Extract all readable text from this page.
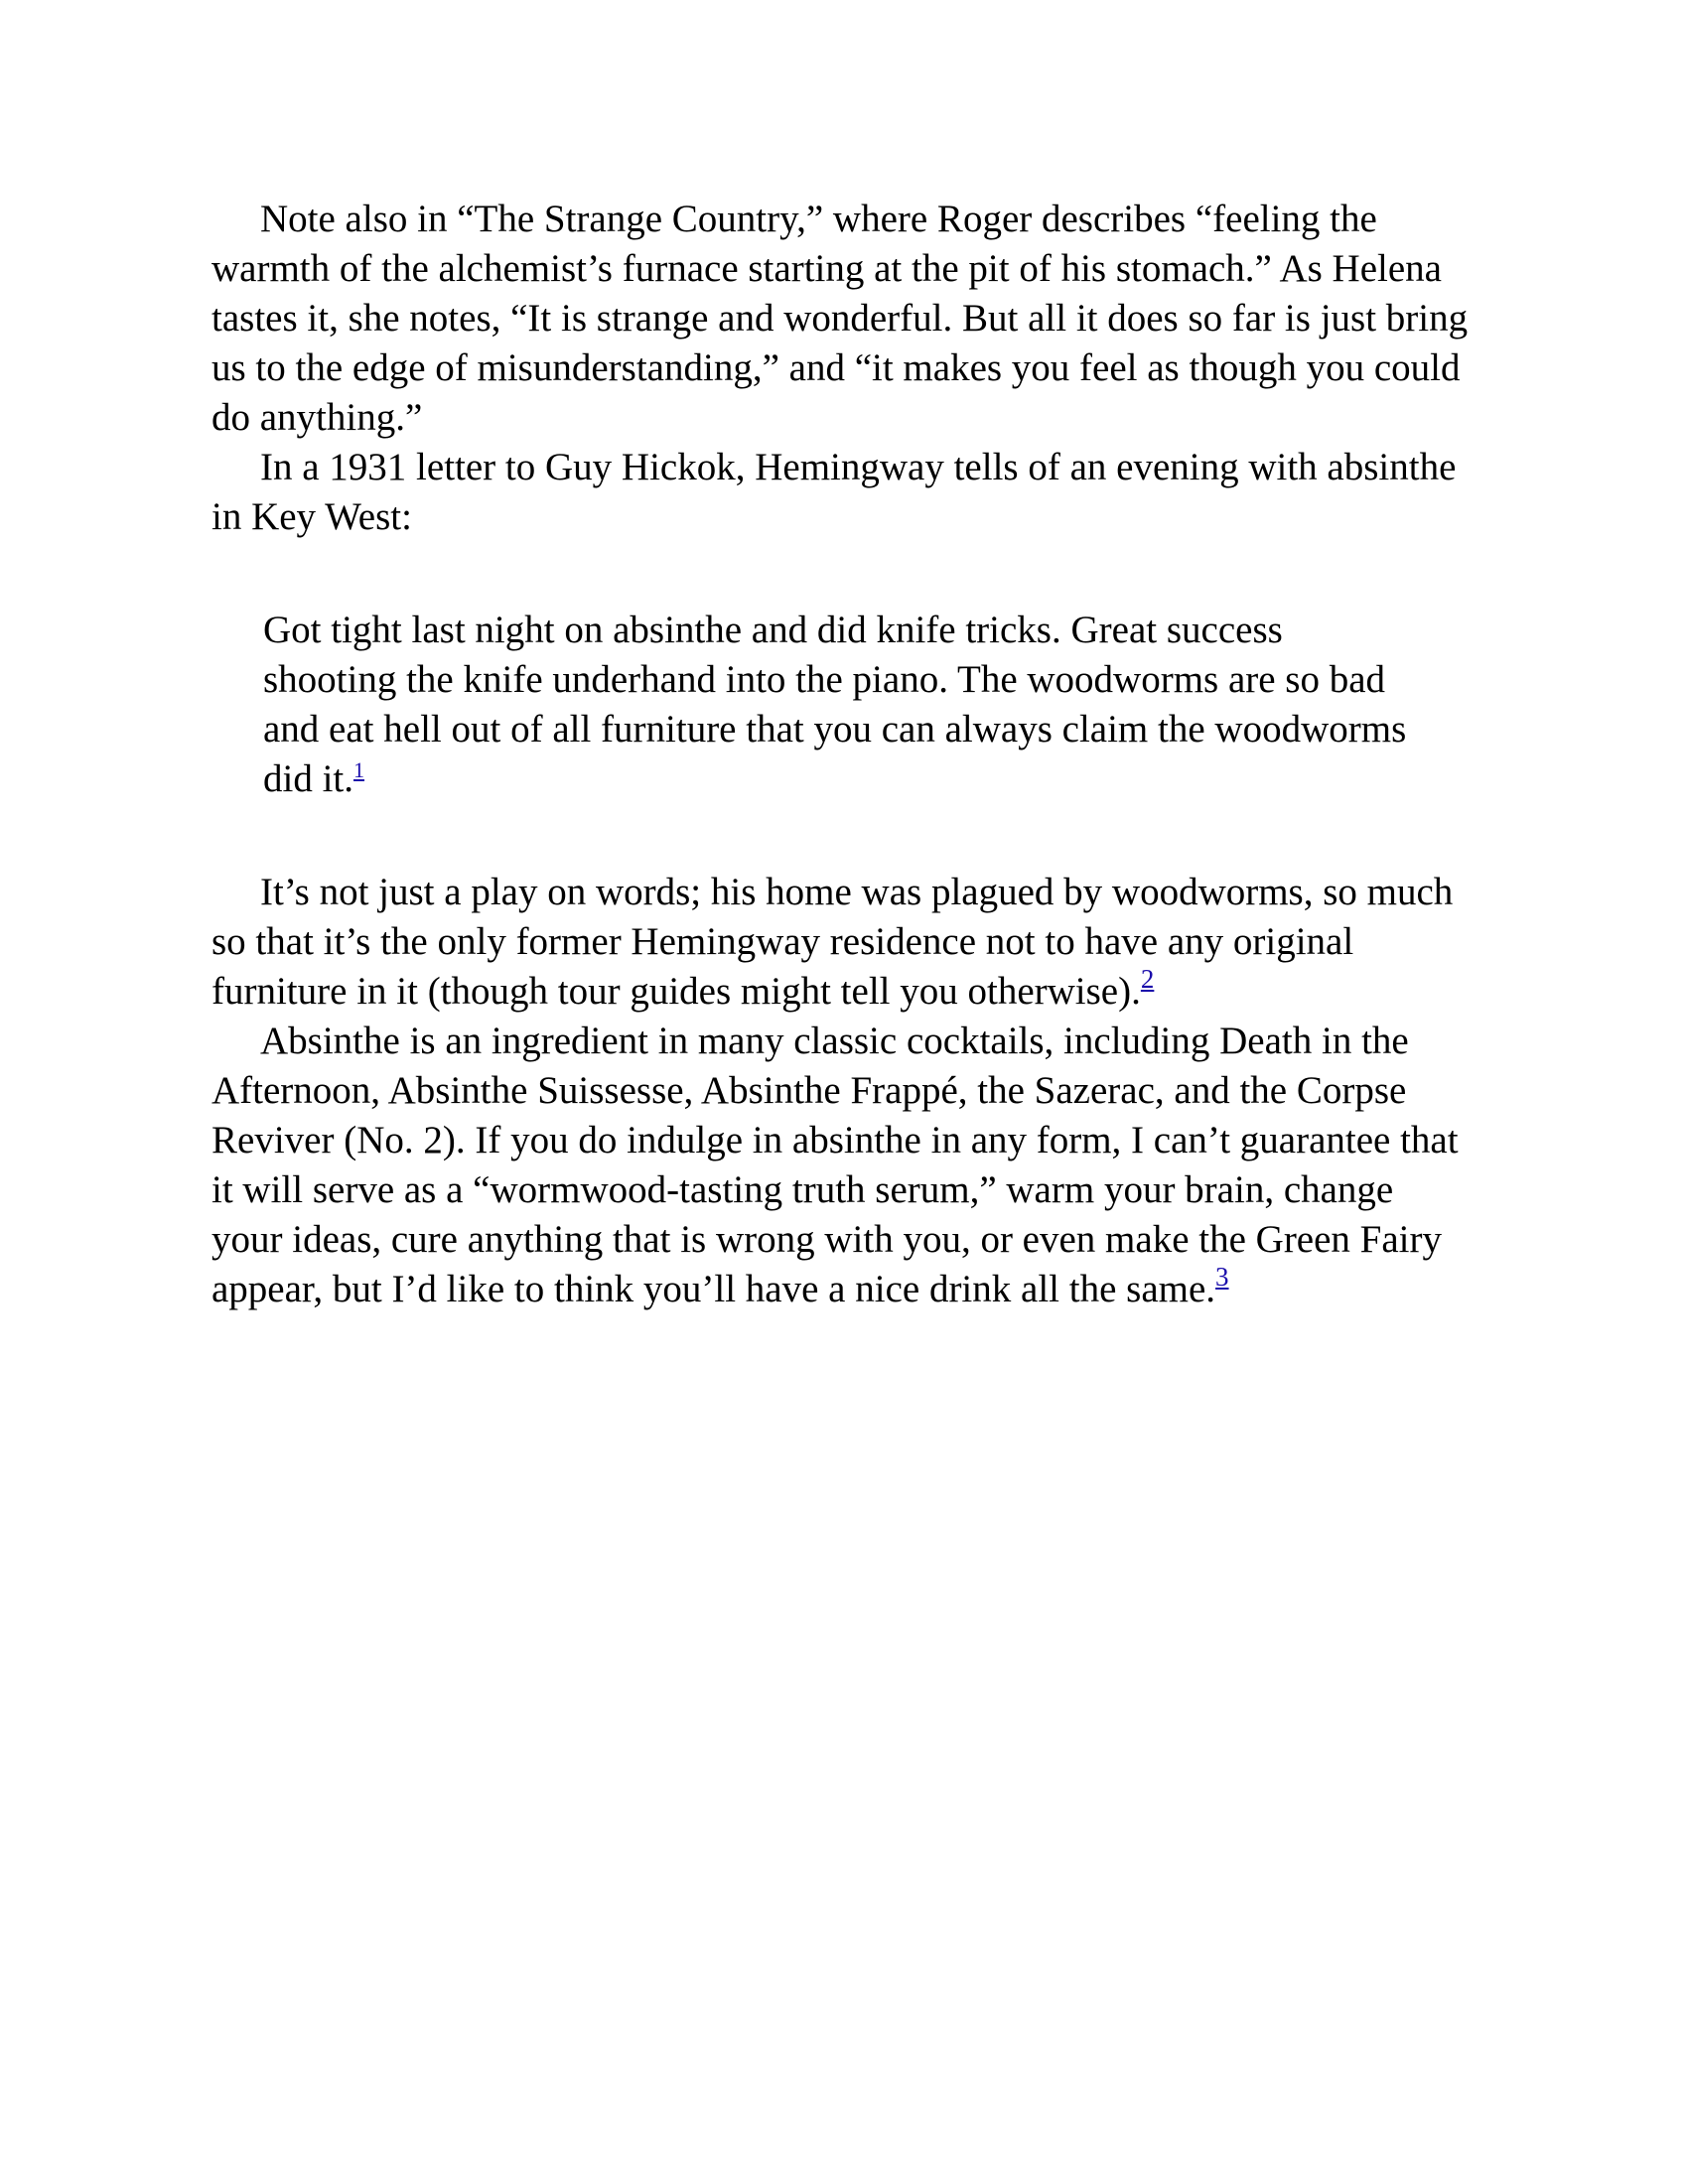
Note also in “The Strange Country,” where Roger describes “feeling the warmth of the alchemist’s furnace starting at the pit of his stomach.” As Helena tastes it, she notes, “It is strange and wonderful. But all it does so far is just bring us to the edge of misunderstanding,” and “it makes you feel as though you could do anything.”

In a 1931 letter to Guy Hickok, Hemingway tells of an evening with absinthe in Key West:

Got tight last night on absinthe and did knife tricks. Great success shooting the knife underhand into the piano. The woodworms are so bad and eat hell out of all furniture that you can always claim the woodworms did it.$^1$

It’s not just a play on words; his home was plagued by woodworms, so much so that it’s the only former Hemingway residence not to have any original furniture in it (though tour guides might tell you otherwise).$^2$

Absinthe is an ingredient in many classic cocktails, including Death in the Afternoon, Absinthe Suissesse, Absinthe Frappé, the Sazerac, and the Corpse Reviver (No. 2). If you do indulge in absinthe in any form, I can’t guarantee that it will serve as a “wormwood-tasting truth serum,” warm your brain, change your ideas, cure anything that is wrong with you, or even make the Green Fairy appear, but I’d like to think you’ll have a nice drink all the same.$^3$
